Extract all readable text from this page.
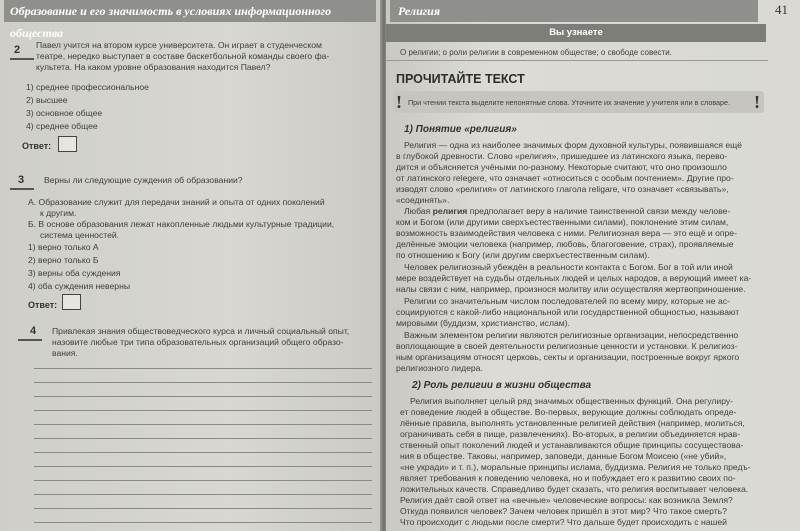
Образование и его значимость в условиях информационного общества
2 Павел учится на втором курсе университета. Он играет в студенческом
театре, нередко выступает в составе баскетбольной команды своего фа-
культета. На каком уровне образования находится Павел?
1) среднее профессиональное
2) высшее
3) основное общее
4) среднее общее
Ответ:
3 Верны ли следующие суждения об образовании?
А. Образование служит для передачи знаний и опыта от одних поколений
к другим.
Б. В основе образования лежат накопленные людьми культурные традиции,
система ценностей.
1) верно только А
2) верно только Б
3) верны оба суждения
4) оба суждения неверны
Ответ:
4 Привлекая знания обществоведческого курса и личный социальный опыт,
назовите любые три типа образовательных организаций общего образо-
вания.
Религия	41
Вы узнаете
О религии; о роли религии в современном обществе; о свободе совести.
ПРОЧИТАЙТЕ ТЕКСТ
! При чтении текста выделите непонятные слова. Уточните их значение у учителя или в словаре. !
1) Понятие «религия»
Религия — одна из наиболее значимых форм духовной культуры, появившаяся ещё
в глубокой древности. Слово «религия», пришедшее из латинского языка, перево-
дится и объясняется учёными по-разному. Некоторые считают, что оно произошло
от латинского relegere, что означает «относиться с особым почтением». Другие про-
изводят слово «религия» от латинского глагола religare, что означает «связывать»,
«соединять».
Любая религия предполагает веру в наличие таинственной связи между челове-
ком и Богом (или другими сверхъестественными силами), поклонение этим силам,
возможность взаимодействия человека с ними. Религиозная вера — это ещё и опре-
делённые эмоции человека (например, любовь, благоговение, страх), проявляемые
по отношению к Богу (или другим сверхъестественным силам).
Человек религиозный убеждён в реальности контакта с Богом. Бог в той или иной
мере воздействует на судьбы отдельных людей и целых народов, а верующий имеет ка-
налы связи с ним, например, произнося молитву или осуществляя жертвоприношение.
Религии со значительным числом последователей по всему миру, которые не ас-
социируются с какой-либо национальной или государственной общностью, называют
мировыми (буддизм, христианство, ислам).
Важным элементом религии являются религиозные организации, непосредственно
воплощающие в своей деятельности религиозные ценности и установки. К религиоз-
ным организациям относят церковь, секты и организации, построенные вокруг яркого
религиозного лидера.
2) Роль религии в жизни общества
Религия выполняет целый ряд значимых общественных функций. Она регулиру-
ет поведение людей в обществе. Во-первых, верующие должны соблюдать опреде-
лённые правила, выполнять установленные религией действия (например, молиться,
ограничивать себя в пище, развлечениях). Во-вторых, в религии объединяется нрав-
ственный опыт поколений людей и устанавливаются общие принципы сосуществова-
ния в обществе. Таковы, например, заповеди, данные Богом Моисею («не убий»,
«не укради» и т. п.), моральные принципы ислама, буддизма. Религия не только предъ-
являет требования к поведению человека, но и побуждает его к развитию своих по-
ложительных качеств. Справедливо будет сказать, что религия воспитывает человека.
Религия даёт свой ответ на «вечные» человеческие вопросы: как возникла Земля?
Откуда появился человек? Зачем человек пришёл в этот мир? Что такое смерть?
Что происходит с людьми после смерти? Что дальше будет происходить с нашей
